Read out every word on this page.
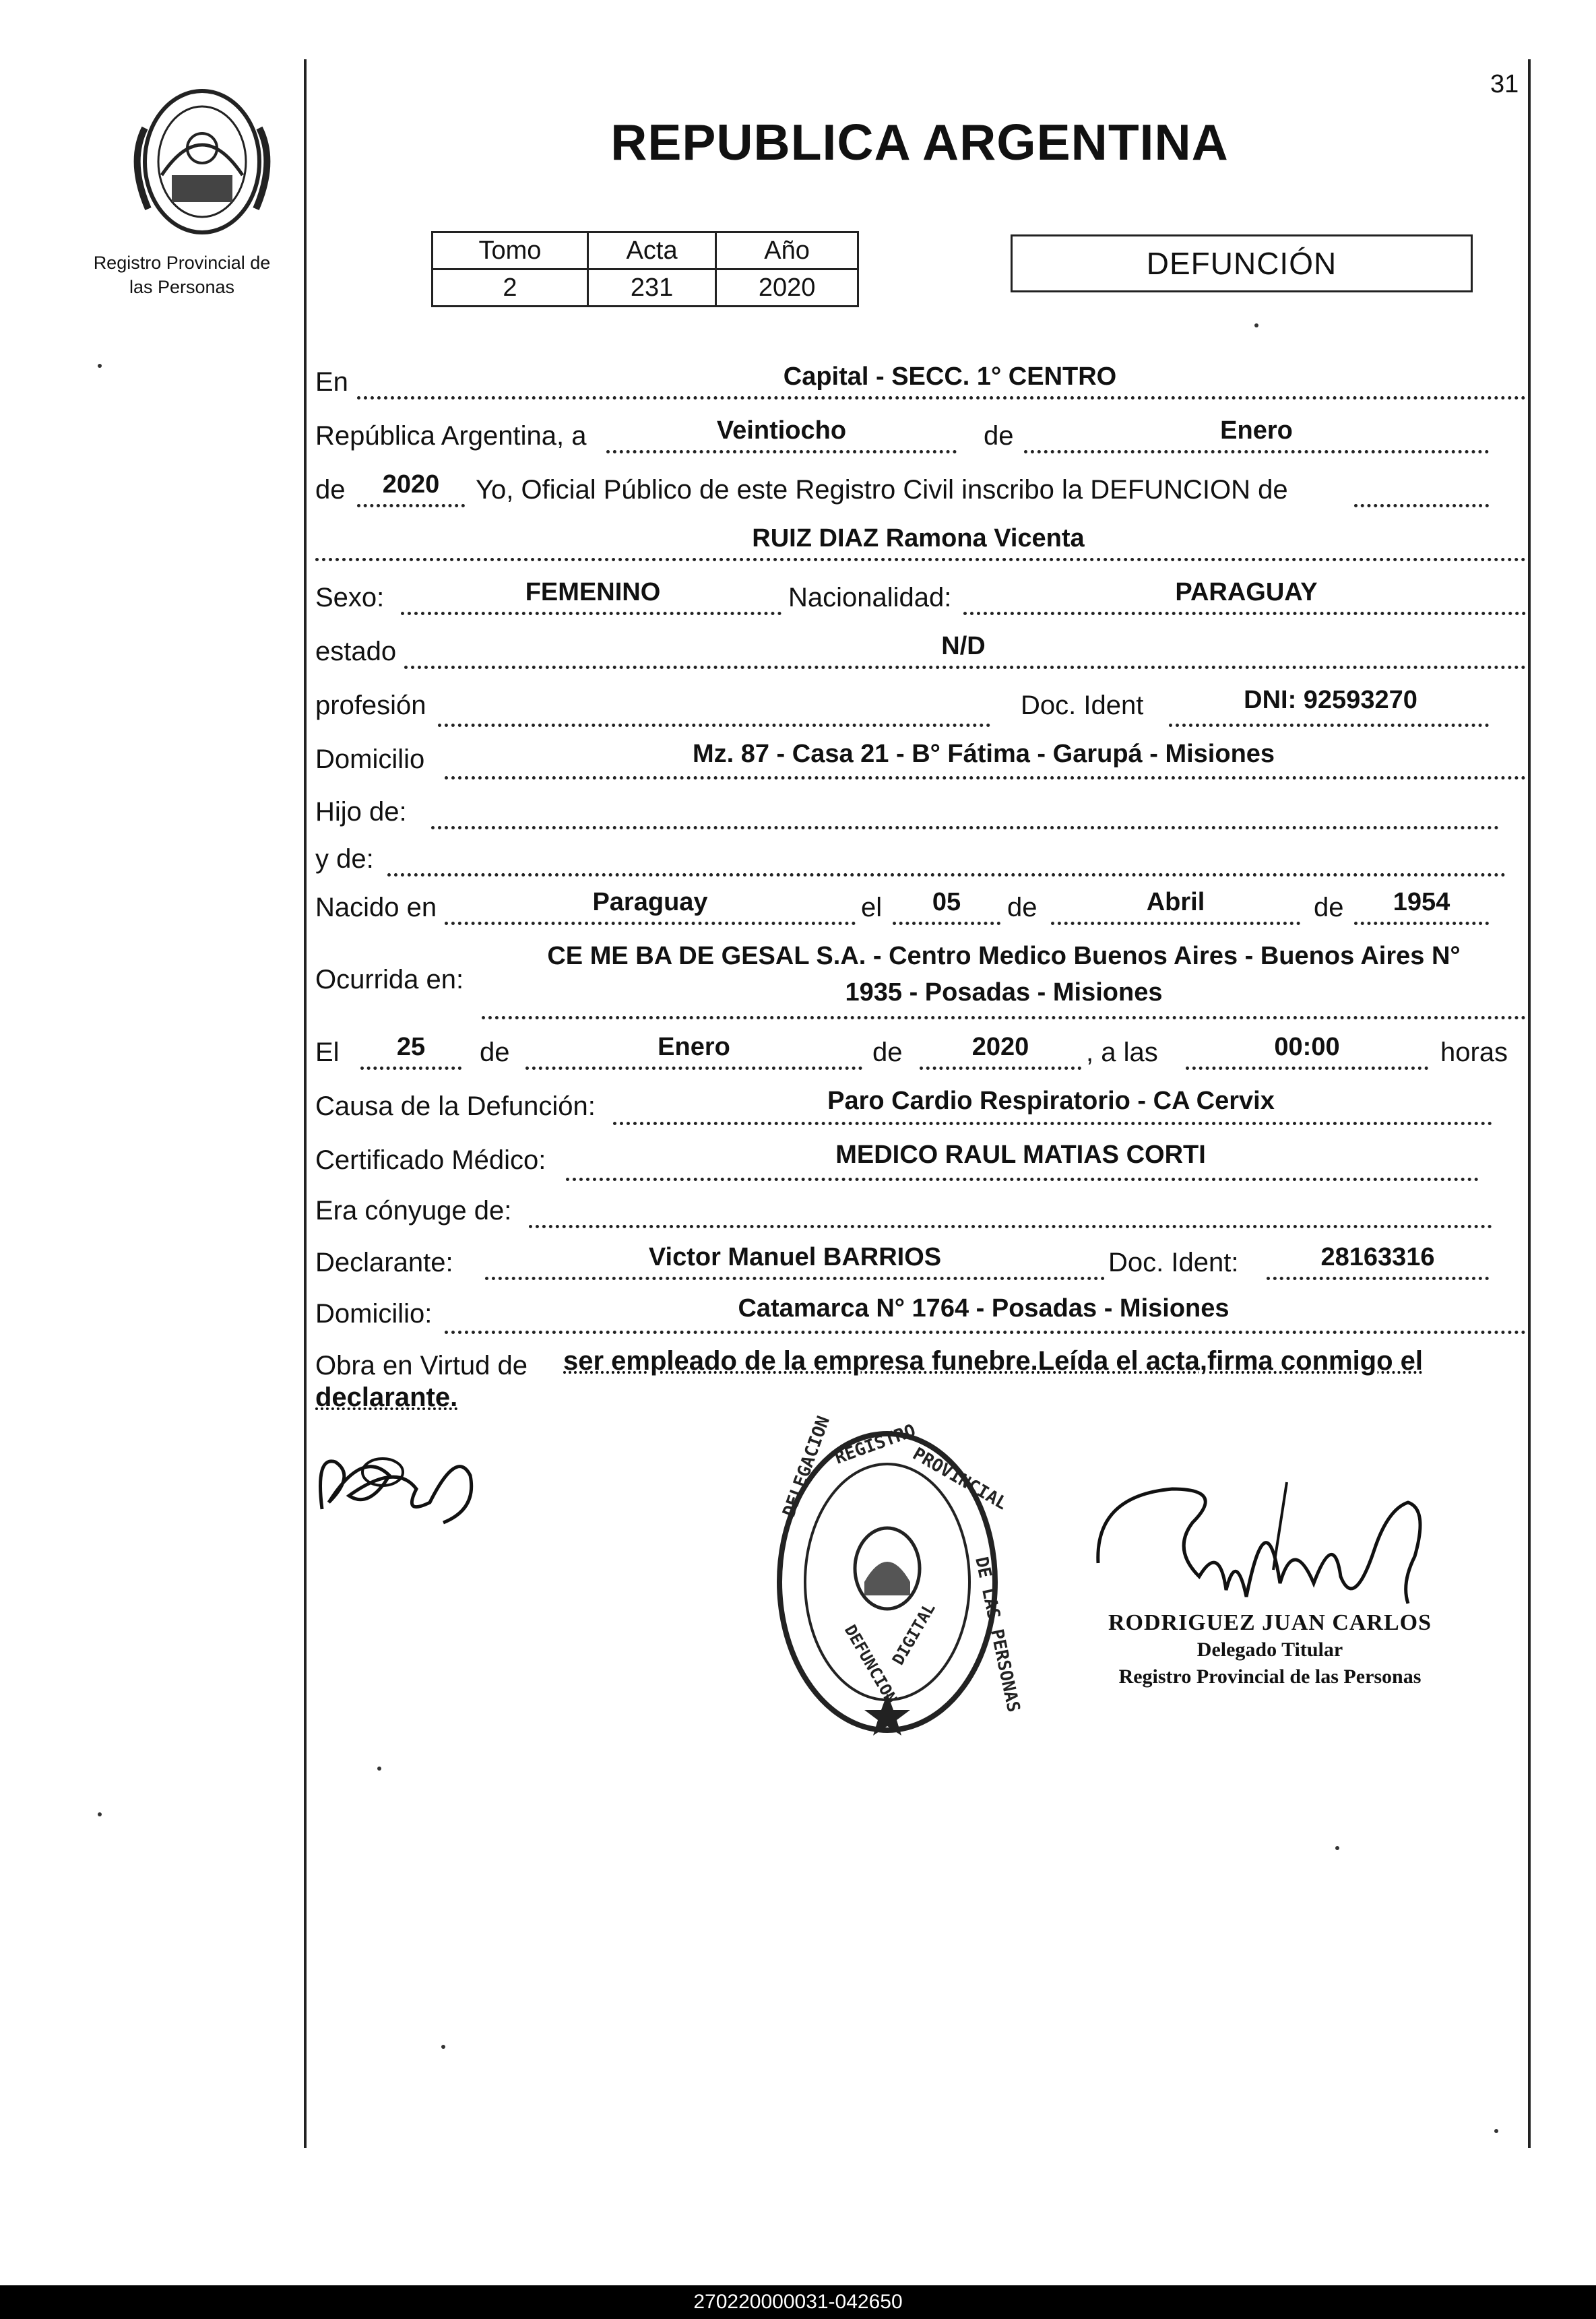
31
Registro Provincial de
las Personas
REPUBLICA ARGENTINA
Tomo	Acta	Año
2	231	2020
DEFUNCIÓN
En	Capital - SECC. 1° CENTRO
República Argentina, a	Veintiocho	de	Enero
de	2020	Yo, Oficial Público de este Registro Civil inscribo la DEFUNCION de
RUIZ DIAZ Ramona Vicenta
Sexo:	FEMENINO	Nacionalidad:	PARAGUAY
estado	N/D
profesión	Doc. Ident	DNI: 92593270
Domicilio	Mz. 87 - Casa 21 - B° Fátima - Garupá - Misiones
Hijo de:
y de:
Nacido en	Paraguay	el	05	de	Abril	de	1954
Ocurrida en:
CE ME BA DE GESAL S.A. - Centro Medico Buenos Aires - Buenos Aires N°
1935 - Posadas - Misiones
El	25	de	Enero	de	2020	, a las	00:00	horas
Causa de la Defunción:	Paro Cardio Respiratorio - CA Cervix
Certificado Médico:	MEDICO RAUL MATIAS CORTI
Era cónyuge de:
Declarante:	Victor Manuel BARRIOS	Doc. Ident:	28163316
Domicilio:	Catamarca N° 1764 - Posadas - Misiones
Obra en Virtud de ser empleado de la empresa funebre.Leída el acta,firma conmigo el
declarante.
DELEGACION
REGISTRO
PROVINCIAL
DE LAS PERSONAS
DEFUNCION
DIGITAL	RODRIGUEZ JUAN CARLOS
Delegado Titular
Registro Provincial de las Personas
270220000031-042650
